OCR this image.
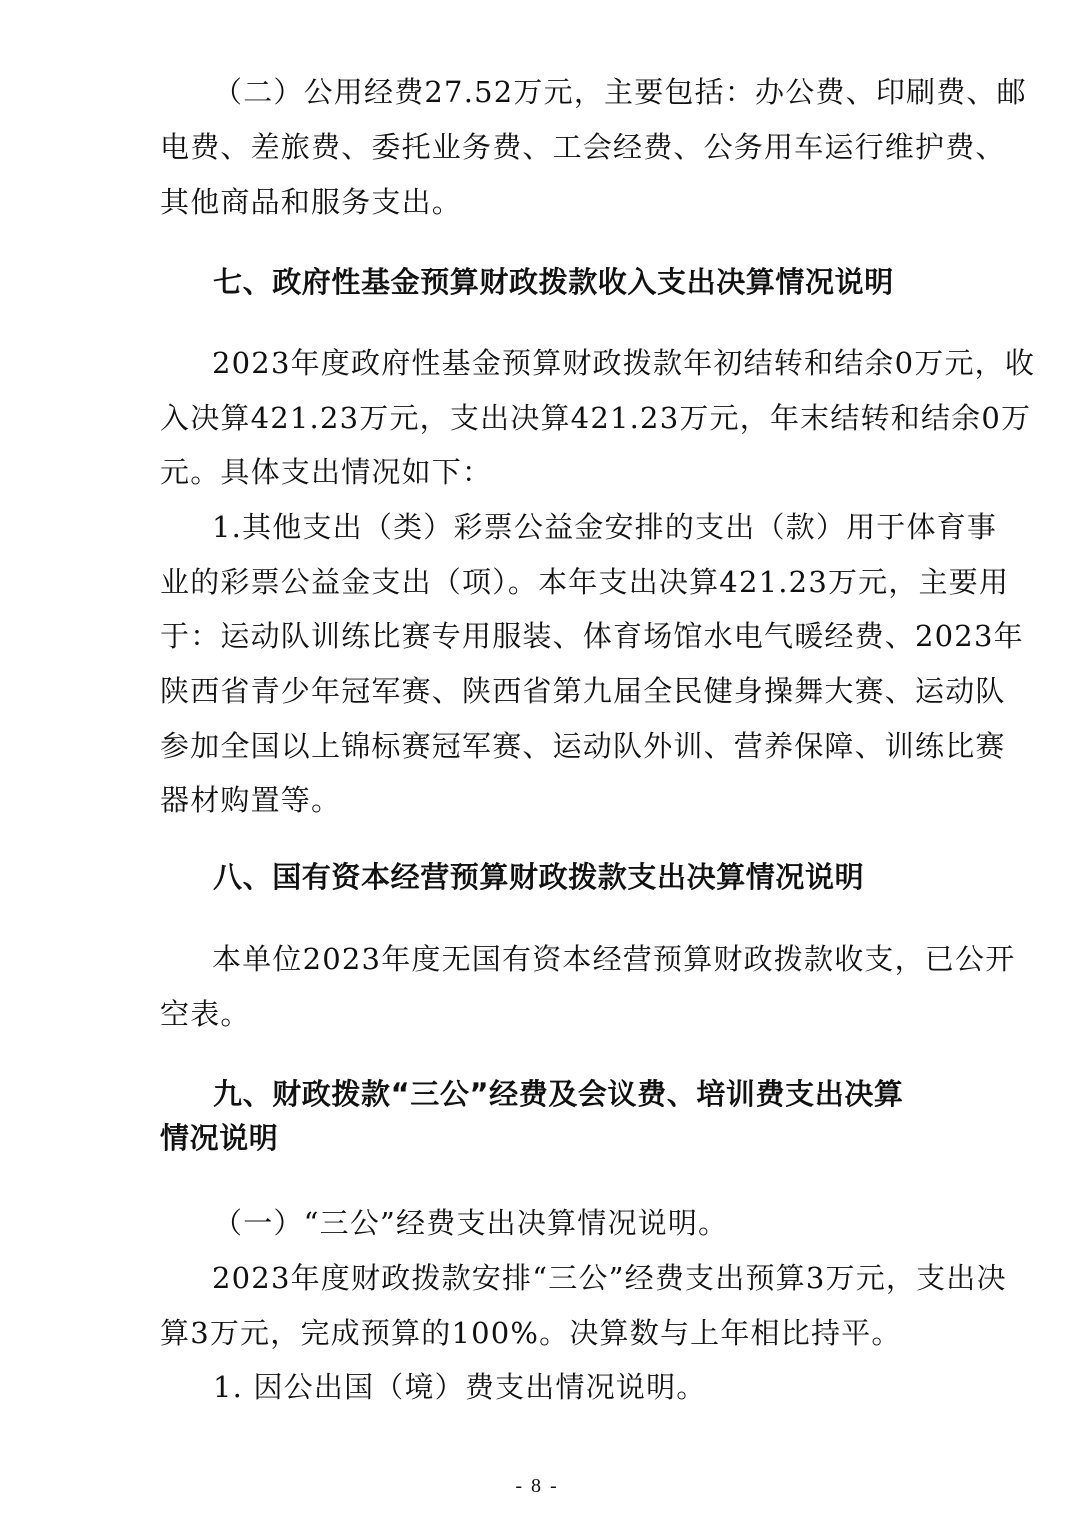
（二）公用经费27.52万元，主要包括：办公费、印刷费、邮
电费、差旅费、委托业务费、工会经费、公务用车运行维护费、
其他商品和服务支出。
七、政府性基金预算财政拨款收入支出决算情况说明
2023年度政府性基金预算财政拨款年初结转和结余0万元，收
入决算421.23万元，支出决算421.23万元，年末结转和结余0万
元。具体支出情况如下：
1.其他支出（类）彩票公益金安排的支出（款）用于体育事
业的彩票公益金支出（项）。本年支出决算421.23万元，主要用
于：运动队训练比赛专用服装、体育场馆水电气暖经费、2023年
陕西省青少年冠军赛、陕西省第九届全民健身操舞大赛、运动队
参加全国以上锦标赛冠军赛、运动队外训、营养保障、训练比赛
器材购置等。
八、国有资本经营预算财政拨款支出决算情况说明
本单位2023年度无国有资本经营预算财政拨款收支，已公开
空表。
九、财政拨款“三公”经费及会议费、培训费支出决算
情况说明
（一）“三公”经费支出决算情况说明。
2023年度财政拨款安排“三公”经费支出预算3万元，支出决
算3万元，完成预算的100%。决算数与上年相比持平。
1. 因公出国（境）费支出情况说明。
- 8 -
